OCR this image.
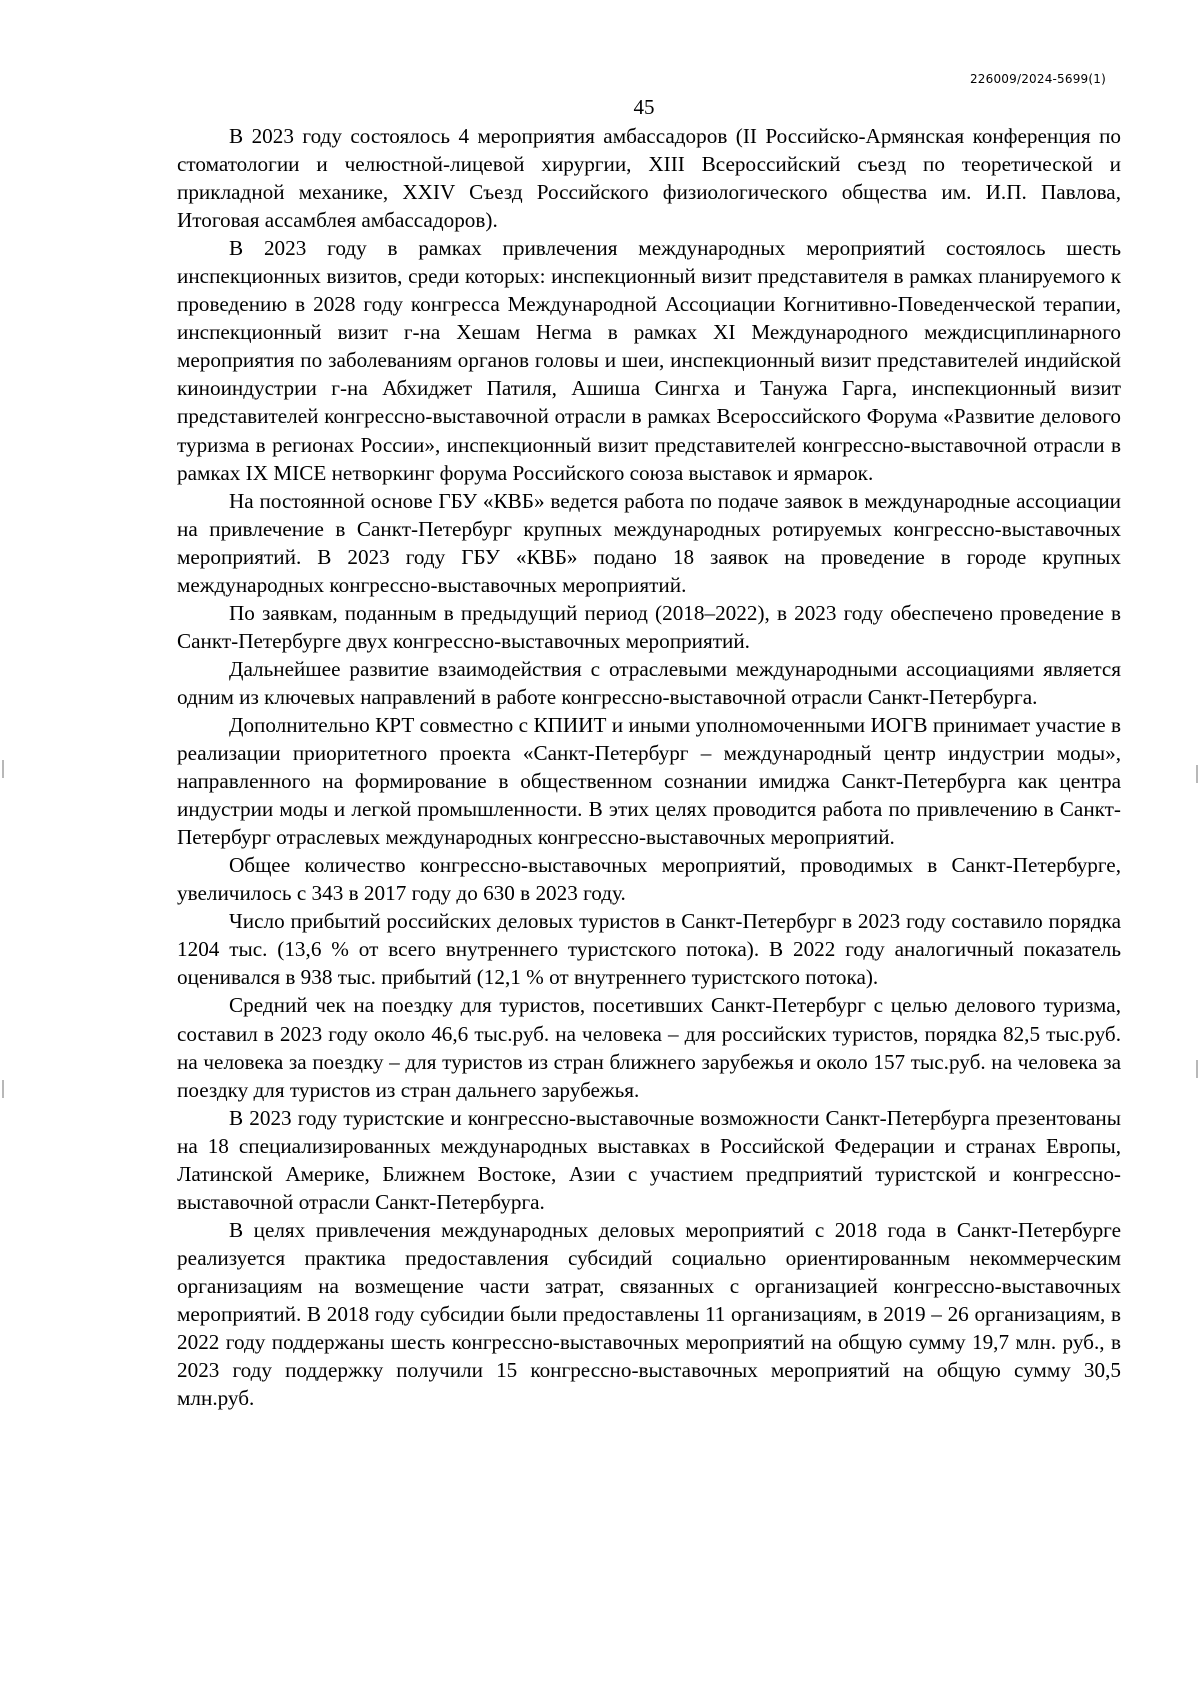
226009/2024-5699(1)
45

В 2023 году состоялось 4 мероприятия амбассадоров (II Российско-Армянская конференция по стоматологии и челюстной-лицевой хирургии, XIII Всероссийский съезд по теоретической и прикладной механике, XXIV Съезд Российского физиологического общества им. И.П. Павлова, Итоговая ассамблея амбассадоров).

В 2023 году в рамках привлечения международных мероприятий состоялось шесть инспекционных визитов, среди которых: инспекционный визит представителя в рамках планируемого к проведению в 2028 году конгресса Международной Ассоциации Когнитивно-Поведенческой терапии, инспекционный визит г-на Хешам Негма в рамках XI Международного междисциплинарного мероприятия по заболеваниям органов головы и шеи, инспекционный визит представителей индийской киноиндустрии г-на Абхиджет Патиля, Ашиша Сингха и Танужа Гарга, инспекционный визит представителей конгрессно-выставочной отрасли в рамках Всероссийского Форума «Развитие делового туризма в регионах России», инспекционный визит представителей конгрессно-выставочной отрасли в рамках IX MICE нетворкинг форума Российского союза выставок и ярмарок.

На постоянной основе ГБУ «КВБ» ведется работа по подаче заявок в международные ассоциации на привлечение в Санкт-Петербург крупных международных ротируемых конгрессно-выставочных мероприятий. В 2023 году ГБУ «КВБ» подано 18 заявок на проведение в городе крупных международных конгрессно-выставочных мероприятий.

По заявкам, поданным в предыдущий период (2018–2022), в 2023 году обеспечено проведение в Санкт-Петербурге двух конгрессно-выставочных мероприятий.

Дальнейшее развитие взаимодействия с отраслевыми международными ассоциациями является одним из ключевых направлений в работе конгрессно-выставочной отрасли Санкт-Петербурга.

Дополнительно КРТ совместно с КПИИТ и иными уполномоченными ИОГВ принимает участие в реализации приоритетного проекта «Санкт-Петербург – международный центр индустрии моды», направленного на формирование в общественном сознании имиджа Санкт-Петербурга как центра индустрии моды и легкой промышленности. В этих целях проводится работа по привлечению в Санкт-Петербург отраслевых международных конгрессно-выставочных мероприятий.

Общее количество конгрессно-выставочных мероприятий, проводимых в Санкт-Петербурге, увеличилось с 343 в 2017 году до 630 в 2023 году.

Число прибытий российских деловых туристов в Санкт-Петербург в 2023 году составило порядка 1204 тыс. (13,6 % от всего внутреннего туристского потока). В 2022 году аналогичный показатель оценивался в 938 тыс. прибытий (12,1 % от внутреннего туристского потока).

Средний чек на поездку для туристов, посетивших Санкт-Петербург с целью делового туризма, составил в 2023 году около 46,6 тыс.руб. на человека – для российских туристов, порядка 82,5 тыс.руб. на человека за поездку – для туристов из стран ближнего зарубежья и около 157 тыс.руб. на человека за поездку для туристов из стран дальнего зарубежья.

В 2023 году туристские и конгрессно-выставочные возможности Санкт-Петербурга презентованы на 18 специализированных международных выставках в Российской Федерации и странах Европы, Латинской Америке, Ближнем Востоке, Азии с участием предприятий туристской и конгрессно-выставочной отрасли Санкт-Петербурга.

В целях привлечения международных деловых мероприятий с 2018 года в Санкт-Петербурге реализуется практика предоставления субсидий социально ориентированным некоммерческим организациям на возмещение части затрат, связанных с организацией конгрессно-выставочных мероприятий. В 2018 году субсидии были предоставлены 11 организациям, в 2019 – 26 организациям, в 2022 году поддержаны шесть конгрессно-выставочных мероприятий на общую сумму 19,7 млн. руб., в 2023 году поддержку получили 15 конгрессно-выставочных мероприятий на общую сумму 30,5 млн.руб.
